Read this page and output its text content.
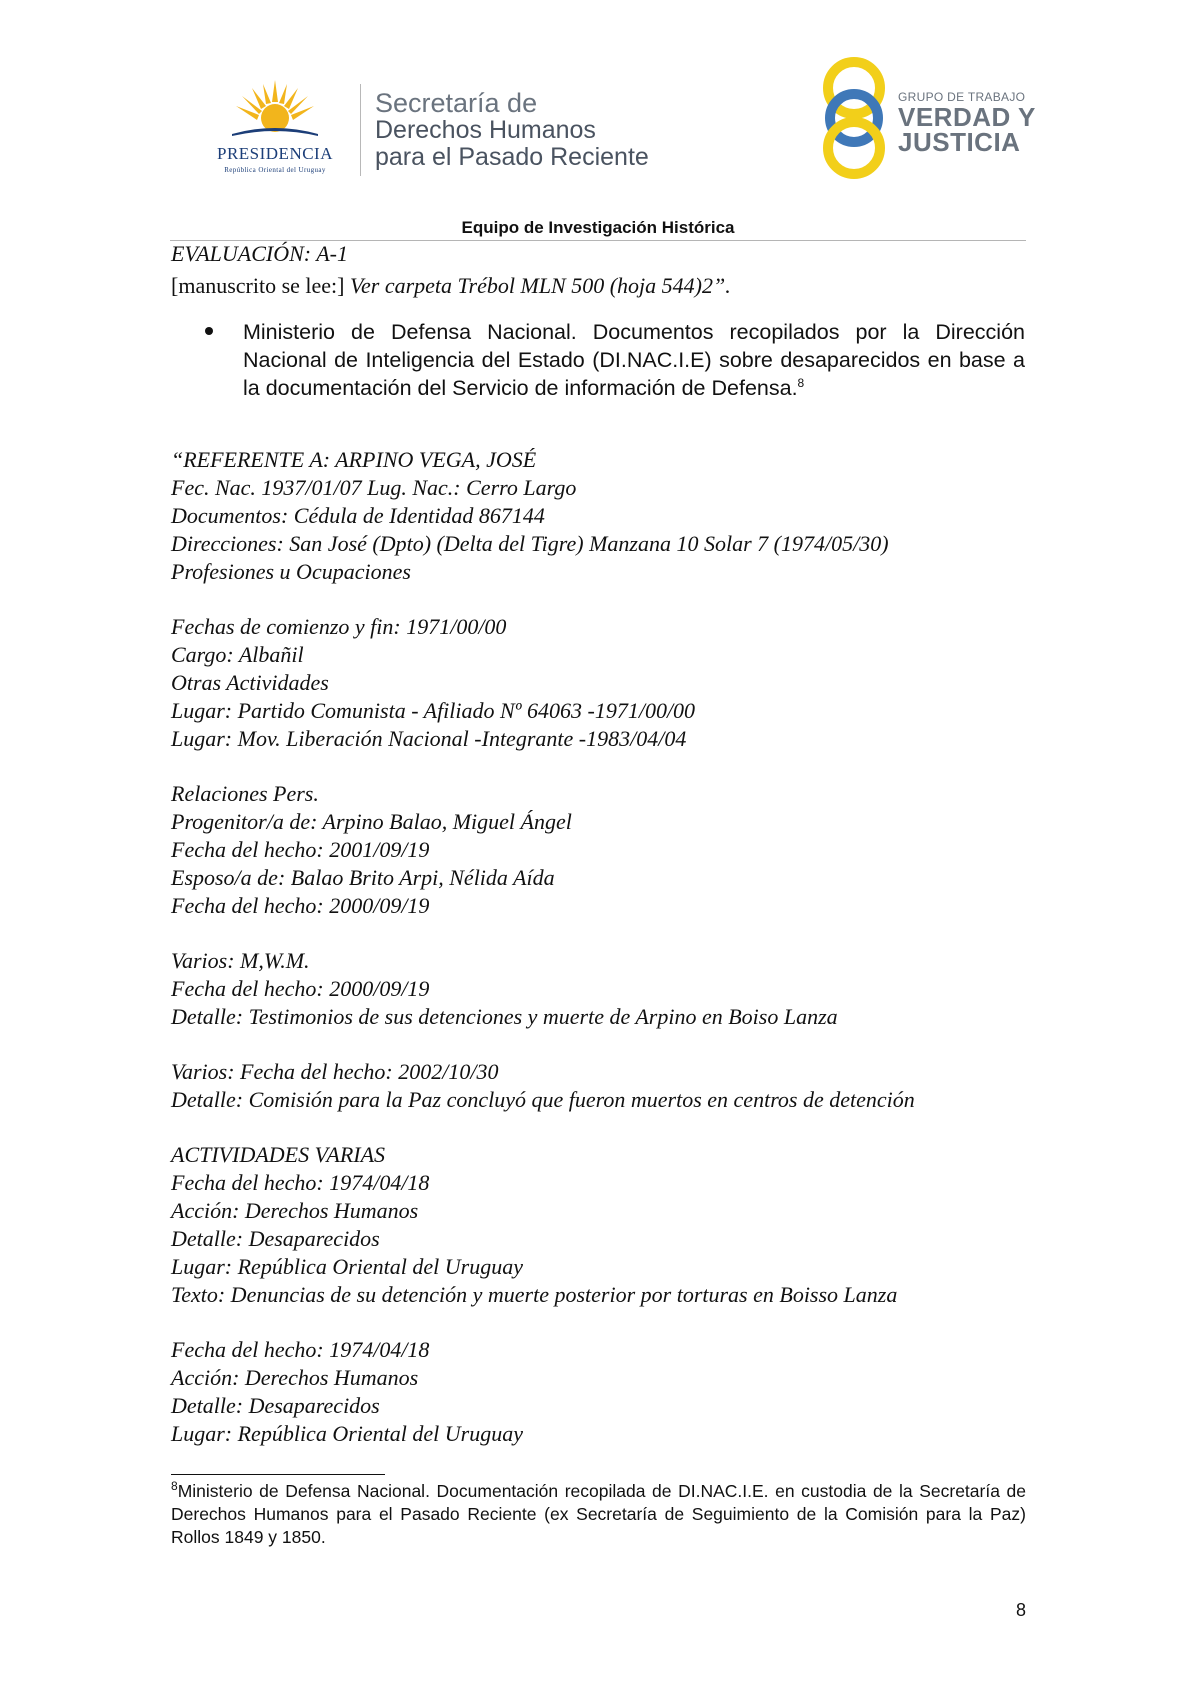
PRESIDENCIA
República Oriental del Uruguay
Secretaría de
Derechos Humanos
para el Pasado Reciente
GRUPO DE TRABAJO
VERDAD Y
JUSTICIA
Equipo de Investigación Histórica
EVALUACIÓN: A-1
[manuscrito se lee:] Ver carpeta Trébol MLN 500 (hoja 544)2”.
Ministerio de Defensa Nacional. Documentos recopilados por la Dirección Nacional de Inteligencia del Estado (DI.NAC.I.E) sobre desaparecidos en base a la documentación del Servicio de información de Defensa.$^8$
“REFERENTE A: ARPINO VEGA, JOSÉ
Fec. Nac. 1937/01/07 Lug. Nac.: Cerro Largo
Documentos: Cédula de Identidad 867144
Direcciones: San José (Dpto) (Delta del Tigre) Manzana 10 Solar 7 (1974/05/30)
Profesiones u Ocupaciones
Fechas de comienzo y fin: 1971/00/00
Cargo: Albañil
Otras Actividades
Lugar: Partido Comunista - Afiliado Nº 64063 -1971/00/00
Lugar: Mov. Liberación Nacional -Integrante -1983/04/04
Relaciones Pers.
Progenitor/a de: Arpino Balao, Miguel Ángel
Fecha del hecho: 2001/09/19
Esposo/a de: Balao Brito Arpi, Nélida Aída
Fecha del hecho: 2000/09/19
Varios: M,W.M.
Fecha del hecho: 2000/09/19
Detalle: Testimonios de sus detenciones y muerte de Arpino en Boiso Lanza
Varios: Fecha del hecho: 2002/10/30
Detalle: Comisión para la Paz concluyó que fueron muertos en centros de detención
ACTIVIDADES VARIAS
Fecha del hecho: 1974/04/18
Acción: Derechos Humanos
Detalle: Desaparecidos
Lugar: República Oriental del Uruguay
Texto: Denuncias de su detención y muerte posterior por torturas en Boisso Lanza
Fecha del hecho: 1974/04/18
Acción: Derechos Humanos
Detalle: Desaparecidos
Lugar: República Oriental del Uruguay
$^8$Ministerio de Defensa Nacional. Documentación recopilada de DI.NAC.I.E. en custodia de la Secretaría de Derechos Humanos para el Pasado Reciente (ex Secretaría de Seguimiento de la Comisión para la Paz) Rollos 1849 y 1850.
8
